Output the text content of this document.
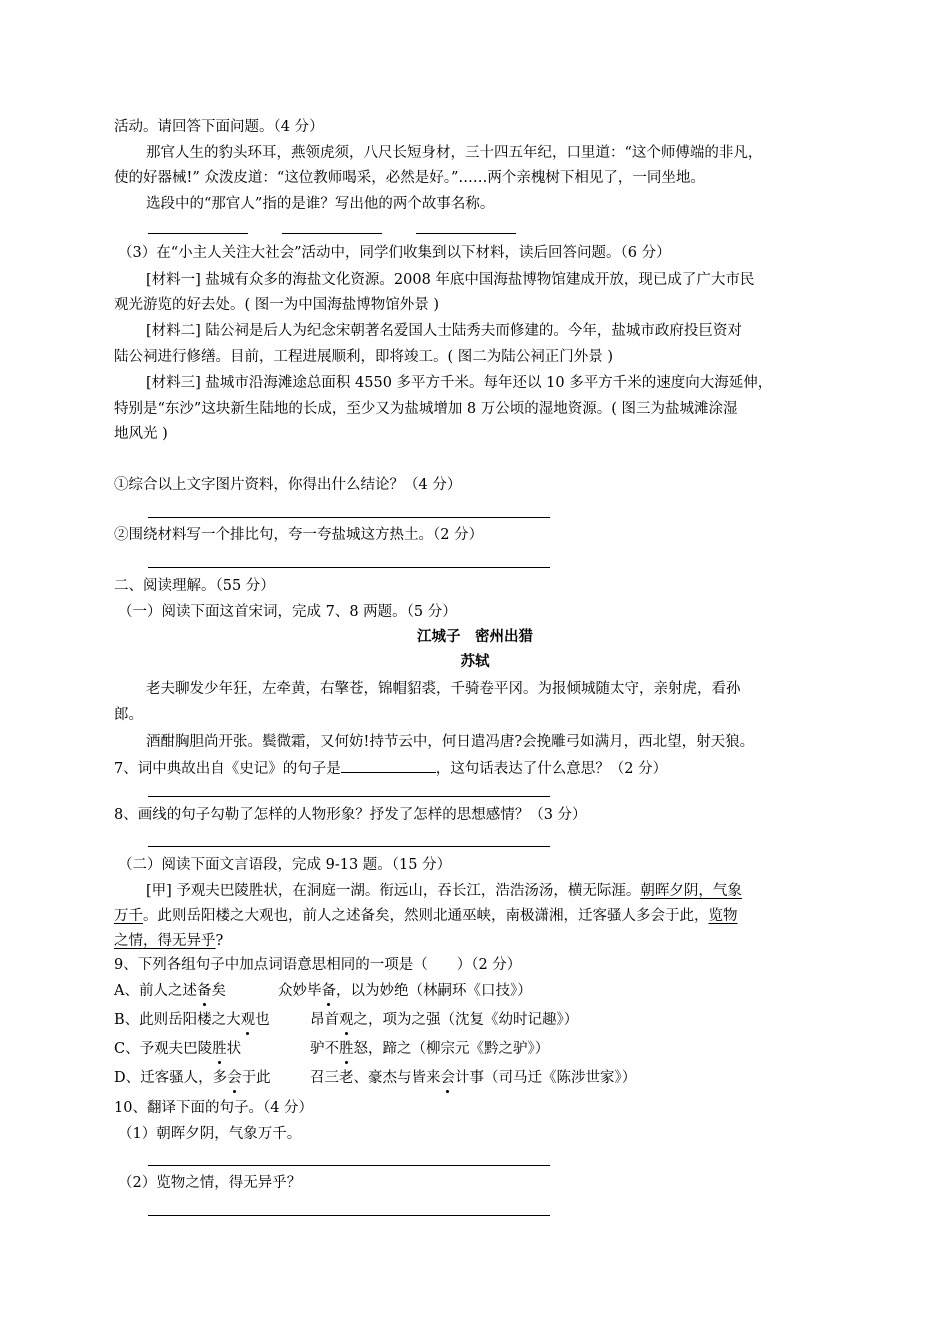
活动。请回答下面问题。（4 分）
那官人生的豹头环耳，燕领虎须，八尺长短身材，三十四五年纪，口里道：“这个师傅端的非凡，
使的好器械!” 众泼皮道：“这位教师喝采，必然是好。”……两个亲槐树下相见了，一同坐地。
选段中的“那官人”指的是谁？写出他的两个故事名称。
（3）在“小主人关注大社会”活动中，同学们收集到以下材料，读后回答问题。（6 分）
[材料一] 盐城有众多的海盐文化资源。2008 年底中国海盐博物馆建成开放，现已成了广大市民
观光游览的好去处。( 图一为中国海盐博物馆外景 )
[材料二] 陆公祠是后人为纪念宋朝著名爱国人士陆秀夫而修建的。今年，盐城市政府投巨资对
陆公祠进行修缮。目前，工程进展顺利，即将竣工。( 图二为陆公祠正门外景 )
[材料三] 盐城市沿海滩途总面积 4550 多平方千米。每年还以 10 多平方千米的速度向大海延伸，
特别是“东沙”这块新生陆地的长成，至少又为盐城增加 8 万公顷的湿地资源。( 图三为盐城滩涂湿
地风光 )
①综合以上文字图片资料，你得出什么结论？（4 分）
②围绕材料写一个排比句，夸一夸盐城这方热土。（2 分）
二、阅读理解。（55 分）
（一）阅读下面这首宋词，完成 7、8 两题。（5 分）
江城子　密州出猎
苏轼
老夫聊发少年狂，左牵黄，右擎苍，锦帽貂裘，千骑卷平冈。为报倾城随太守，亲射虎，看孙
郎。
酒酣胸胆尚开张。鬓微霜，又何妨!持节云中，何日遣冯唐?会挽雕弓如满月，西北望，射天狼。
7、词中典故出自《史记》的句子是	，这句话表达了什么意思？（2 分）
8、画线的句子勾勒了怎样的人物形象？抒发了怎样的思想感情？（3 分）
（二）阅读下面文言语段，完成 9-13 题。（15 分）
[甲] 予观夫巴陵胜状，在洞庭一湖。衔远山，吞长江，浩浩汤汤，横无际涯。朝晖夕阴，气象
万千。此则岳阳楼之大观也，前人之述备矣，然则北通巫峡，南极潇湘，迁客骚人多会于此，览物
之情，得无异乎?
9、下列各组句子中加点词语意思相同的一项是（　　）（2 分）
A、前人之述备矣	众妙毕备，以为妙绝（林嗣环《口技》）
B、此则岳阳楼之大观也	昂首观之，项为之强（沈复《幼时记趣》）
C、予观夫巴陵胜状	驴不胜怒，蹄之（柳宗元《黔之驴》）
D、迁客骚人，多会于此	召三老、豪杰与皆来会计事（司马迁《陈涉世家》）
10、翻译下面的句子。（4 分）
（1）朝晖夕阴，气象万千。
（2）览物之情，得无异乎？
